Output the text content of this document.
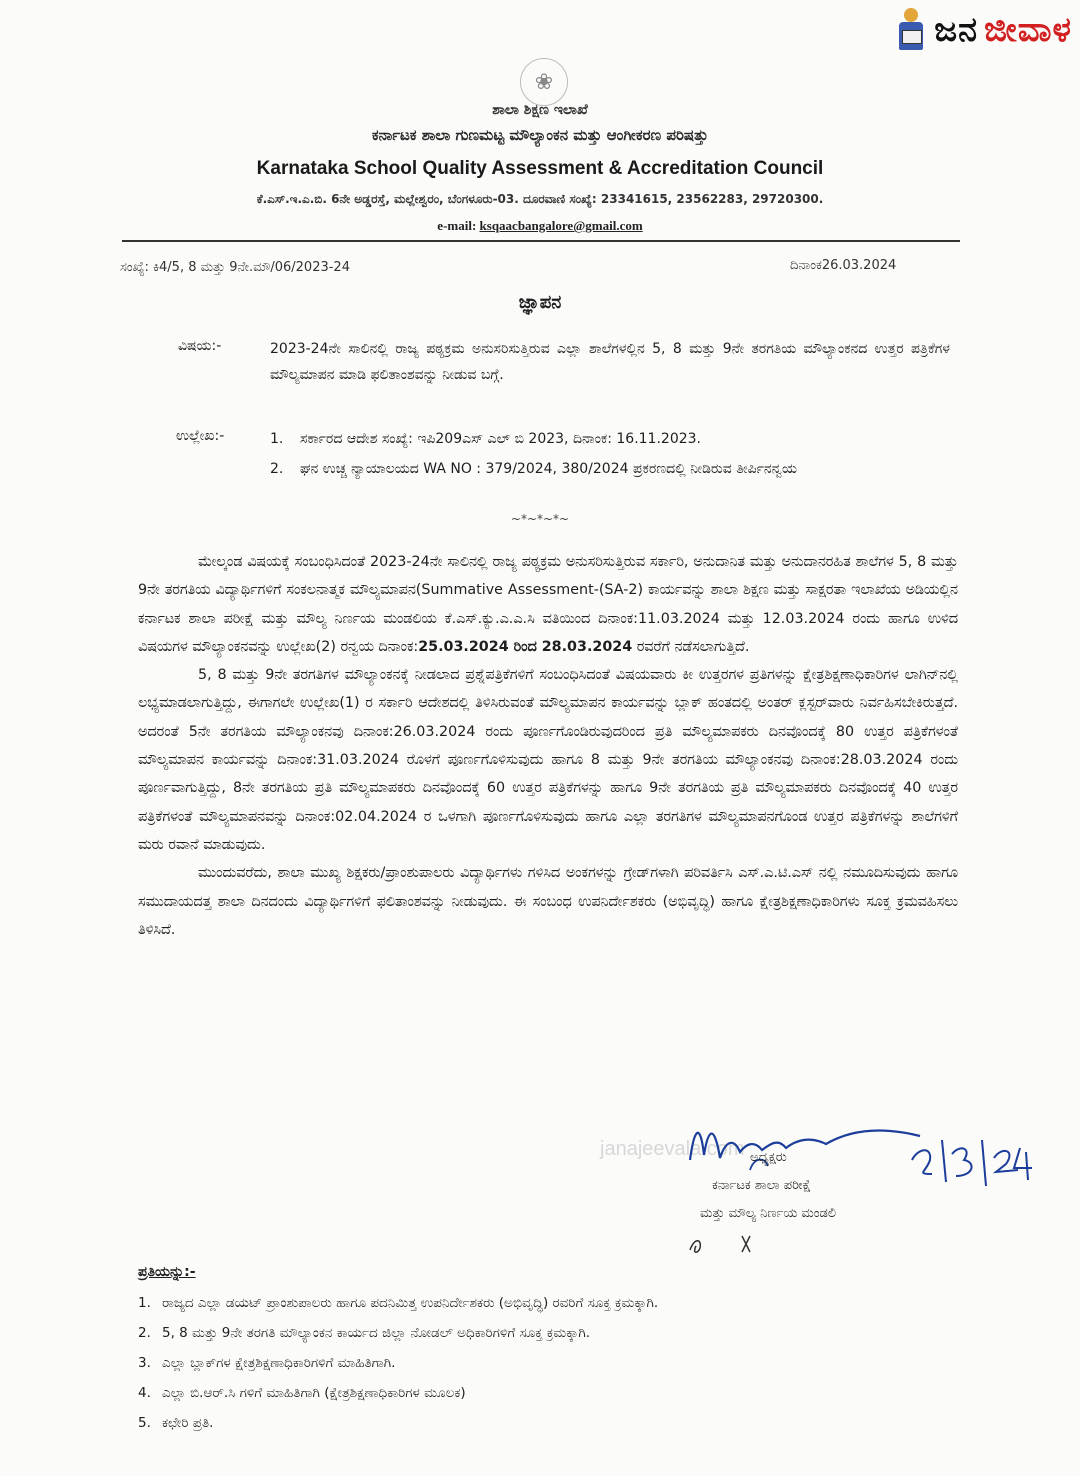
ಜನ ಜೀವಾಳ
❀
ಶಾಲಾ ಶಿಕ್ಷಣ ಇಲಾಖೆ
ಕರ್ನಾಟಕ ಶಾಲಾ ಗುಣಮಟ್ಟ ಮೌಲ್ಯಾಂಕನ ಮತ್ತು ಆಂಗೀಕರಣ ಪರಿಷತ್ತು
Karnataka School Quality Assessment & Accreditation Council
ಕೆ.ಎಸ್.ಇ.ಎ.ಬಿ. 6ನೇ ಅಡ್ಡರಸ್ತೆ, ಮಲ್ಲೇಶ್ವರಂ, ಬೆಂಗಳೂರು-03. ದೂರವಾಣಿ ಸಂಖ್ಯೆ: 23341615, 23562283, 29720300.
e-mail: ksqaacbangalore@gmail.com
ಸಂಖ್ಯೆ: ಕಿ4/5, 8 ಮತ್ತು 9ನೇ.ಮೌ/06/2023-24	ದಿನಾಂಕ26.03.2024
ಜ್ಞಾಪನ
ವಿಷಯ:-	2023-24ನೇ ಸಾಲಿನಲ್ಲಿ ರಾಜ್ಯ ಪಠ್ಯಕ್ರಮ ಅನುಸರಿಸುತ್ತಿರುವ ಎಲ್ಲಾ ಶಾಲೆಗಳಲ್ಲಿನ 5, 8 ಮತ್ತು 9ನೇ ತರಗತಿಯ ಮೌಲ್ಯಾಂಕನದ ಉತ್ತರ ಪತ್ರಿಕೆಗಳ ಮೌಲ್ಯಮಾಪನ ಮಾಡಿ ಫಲಿತಾಂಶವನ್ನು ನೀಡುವ ಬಗ್ಗೆ.
ಉಲ್ಲೇಖ:-	1. ಸರ್ಕಾರದ ಆದೇಶ ಸಂಖ್ಯೆ: ಇಪಿ209ಎಸ್ ಎಲ್ ಬಿ 2023, ದಿನಾಂಕ: 16.11.2023.
2. ಘನ ಉಚ್ಚ ನ್ಯಾಯಾಲಯದ WA NO : 379/2024, 380/2024 ಪ್ರಕರಣದಲ್ಲಿ ನೀಡಿರುವ ತೀರ್ಪಿನನ್ವಯ
~*~*~*~

ಮೇಲ್ಕಂಡ ವಿಷಯಕ್ಕೆ ಸಂಬಂಧಿಸಿದಂತೆ 2023-24ನೇ ಸಾಲಿನಲ್ಲಿ ರಾಜ್ಯ ಪಠ್ಯಕ್ರಮ ಅನುಸರಿಸುತ್ತಿರುವ ಸರ್ಕಾರಿ, ಅನುದಾನಿತ ಮತ್ತು ಅನುದಾನರಹಿತ ಶಾಲೆಗಳ 5, 8 ಮತ್ತು 9ನೇ ತರಗತಿಯ ವಿದ್ಯಾರ್ಥಿಗಳಿಗೆ ಸಂಕಲನಾತ್ಮಕ ಮೌಲ್ಯಮಾಪನ(Summative Assessment-(SA-2) ಕಾರ್ಯವನ್ನು ಶಾಲಾ ಶಿಕ್ಷಣ ಮತ್ತು ಸಾಕ್ಷರತಾ ಇಲಾಖೆಯ ಅಡಿಯಲ್ಲಿನ ಕರ್ನಾಟಕ ಶಾಲಾ ಪರೀಕ್ಷೆ ಮತ್ತು ಮೌಲ್ಯ ನಿರ್ಣಯ ಮಂಡಲಿಯ ಕೆ.ಎಸ್.ಕ್ಯು.ಎ.ಎ.ಸಿ ವತಿಯಿಂದ ದಿನಾಂಕ:11.03.2024 ಮತ್ತು 12.03.2024 ರಂದು ಹಾಗೂ ಉಳಿದ ವಿಷಯಗಳ ಮೌಲ್ಯಾಂಕನವನ್ನು ಉಲ್ಲೇಖ(2) ರನ್ವಯ ದಿನಾಂಕ:25.03.2024 ರಿಂದ 28.03.2024 ರವರೆಗೆ ನಡೆಸಲಾಗುತ್ತಿದೆ.

5, 8 ಮತ್ತು 9ನೇ ತರಗತಿಗಳ ಮೌಲ್ಯಾಂಕನಕ್ಕೆ ನೀಡಲಾದ ಪ್ರಶ್ನೆಪತ್ರಿಕೆಗಳಿಗೆ ಸಂಬಂಧಿಸಿದಂತೆ ವಿಷಯವಾರು ಕೀ ಉತ್ತರಗಳ ಪ್ರತಿಗಳನ್ನು ಕ್ಷೇತ್ರಶಿಕ್ಷಣಾಧಿಕಾರಿಗಳ ಲಾಗಿನ್‌ನಲ್ಲಿ ಲಭ್ಯಮಾಡಲಾಗುತ್ತಿದ್ದು, ಈಗಾಗಲೇ ಉಲ್ಲೇಖ(1) ರ ಸರ್ಕಾರಿ ಆದೇಶದಲ್ಲಿ ತಿಳಿಸಿರುವಂತೆ ಮೌಲ್ಯಮಾಪನ ಕಾರ್ಯವನ್ನು ಬ್ಲಾಕ್ ಹಂತದಲ್ಲಿ ಅಂತರ್ ಕ್ಲಸ್ಟರ್‌ವಾರು ನಿರ್ವಹಿಸಬೇಕಿರುತ್ತದೆ. ಅದರಂತೆ 5ನೇ ತರಗತಿಯ ಮೌಲ್ಯಾಂಕನವು ದಿನಾಂಕ:26.03.2024 ರಂದು ಪೂರ್ಣಗೊಂಡಿರುವುದರಿಂದ ಪ್ರತಿ ಮೌಲ್ಯಮಾಪಕರು ದಿನವೊಂದಕ್ಕೆ 80 ಉತ್ತರ ಪತ್ರಿಕೆಗಳಂತೆ ಮೌಲ್ಯಮಾಪನ ಕಾರ್ಯವನ್ನು ದಿನಾಂಕ:31.03.2024 ರೊಳಗೆ ಪೂರ್ಣಗೊಳಿಸುವುದು ಹಾಗೂ 8 ಮತ್ತು 9ನೇ ತರಗತಿಯ ಮೌಲ್ಯಾಂಕನವು ದಿನಾಂಕ:28.03.2024 ರಂದು ಪೂರ್ಣವಾಗುತ್ತಿದ್ದು, 8ನೇ ತರಗತಿಯ ಪ್ರತಿ ಮೌಲ್ಯಮಾಪಕರು ದಿನವೊಂದಕ್ಕೆ 60 ಉತ್ತರ ಪತ್ರಿಕೆಗಳನ್ನು ಹಾಗೂ 9ನೇ ತರಗತಿಯ ಪ್ರತಿ ಮೌಲ್ಯಮಾಪಕರು ದಿನವೊಂದಕ್ಕೆ 40 ಉತ್ತರ ಪತ್ರಿಕೆಗಳಂತೆ ಮೌಲ್ಯಮಾಪನವನ್ನು ದಿನಾಂಕ:02.04.2024 ರ ಒಳಗಾಗಿ ಪೂರ್ಣಗೊಳಿಸುವುದು ಹಾಗೂ ಎಲ್ಲಾ ತರಗತಿಗಳ ಮೌಲ್ಯಮಾಪನಗೊಂಡ ಉತ್ತರ ಪತ್ರಿಕೆಗಳನ್ನು ಶಾಲೆಗಳಿಗೆ ಮರು ರವಾನೆ ಮಾಡುವುದು.

ಮುಂದುವರೆದು, ಶಾಲಾ ಮುಖ್ಯ ಶಿಕ್ಷಕರು/ಪ್ರಾಂಶುಪಾಲರು ವಿದ್ಯಾರ್ಥಿಗಳು ಗಳಿಸಿದ ಅಂಕಗಳನ್ನು ಗ್ರೇಡ್‌ಗಳಾಗಿ ಪರಿವರ್ತಿಸಿ ಎಸ್.ಎ.ಟಿ.ಎಸ್ ನಲ್ಲಿ ನಮೂದಿಸುವುದು ಹಾಗೂ ಸಮುದಾಯದತ್ತ ಶಾಲಾ ದಿನದಂದು ವಿದ್ಯಾರ್ಥಿಗಳಿಗೆ ಫಲಿತಾಂಶವನ್ನು ನೀಡುವುದು. ಈ ಸಂಬಂಧ ಉಪನಿರ್ದೇಶಕರು (ಅಭಿವೃದ್ಧಿ) ಹಾಗೂ ಕ್ಷೇತ್ರಶಿಕ್ಷಣಾಧಿಕಾರಿಗಳು ಸೂಕ್ತ ಕ್ರಮವಹಿಸಲು ತಿಳಿಸಿದೆ.

janajeevala.com ಅಧ್ಯಕ್ಷರು
ಕರ್ನಾಟಕ ಶಾಲಾ ಪರೀಕ್ಷೆ
ಮತ್ತು ಮೌಲ್ಯ ನಿರ್ಣಯ ಮಂಡಲಿ
ಪ್ರತಿಯನ್ನು:-
1. ರಾಜ್ಯದ ಎಲ್ಲಾ ಡಯಟ್ ಪ್ರಾಂಶುಪಾಲರು ಹಾಗೂ ಪದನಿಮಿತ್ತ ಉಪನಿರ್ದೇಶಕರು (ಅಭಿವೃದ್ಧಿ) ರವರಿಗೆ ಸೂಕ್ತ ಕ್ರಮಕ್ಕಾಗಿ.
2. 5, 8 ಮತ್ತು 9ನೇ ತರಗತಿ ಮೌಲ್ಯಾಂಕನ ಕಾರ್ಯದ ಜಿಲ್ಲಾ ನೋಡಲ್ ಅಧಿಕಾರಿಗಳಿಗೆ ಸೂಕ್ತ ಕ್ರಮಕ್ಕಾಗಿ.
3. ಎಲ್ಲಾ ಬ್ಲಾಕ್‌ಗಳ ಕ್ಷೇತ್ರಶಿಕ್ಷಣಾಧಿಕಾರಿಗಳಿಗೆ ಮಾಹಿತಿಗಾಗಿ.
4. ಎಲ್ಲಾ ಬಿ.ಆರ್.ಸಿ ಗಳಿಗೆ ಮಾಹಿತಿಗಾಗಿ (ಕ್ಷೇತ್ರಶಿಕ್ಷಣಾಧಿಕಾರಿಗಳ ಮೂಲಕ)
5. ಕಛೇರಿ ಪ್ರತಿ.
